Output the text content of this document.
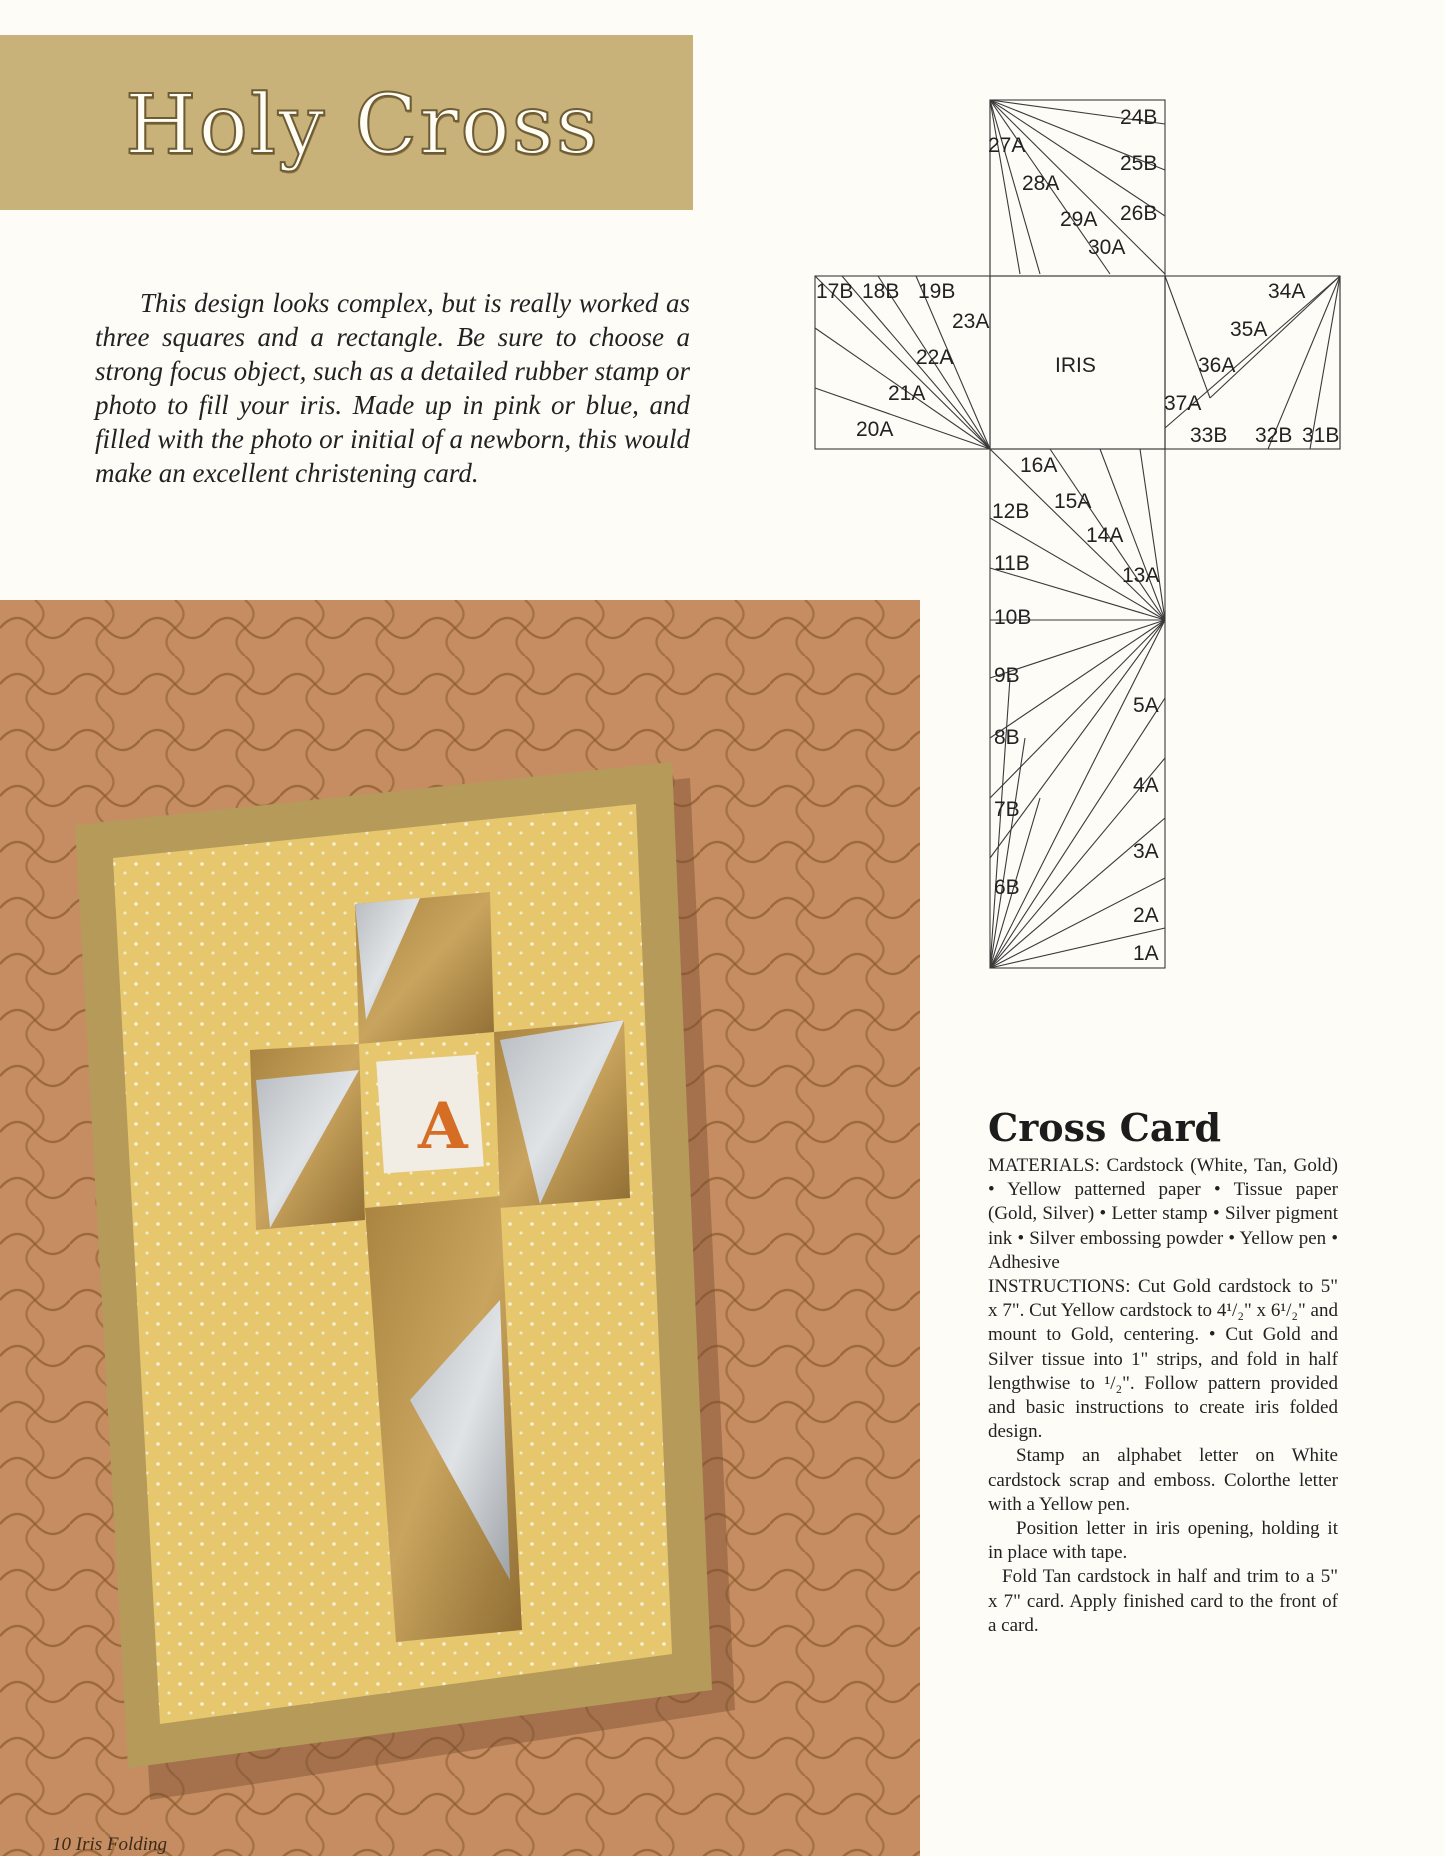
Holy Cross

This design looks complex, but is really worked as three squares and a rectangle. Be sure to choose a strong focus object, such as a detailed rubber stamp or photo to fill your iris. Made up in pink or blue, and filled with the photo or initial of a newborn, this would make an excellent christening card.

24B
27A
25B
28A
26B
29A
30A
17B 18B 19B
23A
22A
21A
20A
IRIS
34A
35A
36A
37A
33B 32B 31B
16A
15A
12B
14A
13A
11B
10B
9B
5A
8B
4A
7B
3A
6B
2A
1A
A
10 Iris Folding
Cross Card

MATERIALS: Cardstock (White, Tan, Gold) • Yellow patterned paper • Tissue paper (Gold, Silver) • Letter stamp • Silver pigment ink • Silver embossing powder • Yellow pen • Adhesive

INSTRUCTIONS: Cut Gold cardstock to 5" x 7". Cut Yellow cardstock to 4¹/₂" x 6¹/₂" and mount to Gold, centering. • Cut Gold and Silver tissue into 1" strips, and fold in half lengthwise to ¹/₂". Follow pattern provided and basic instructions to create iris folded design.

Stamp an alphabet letter on White cardstock scrap and emboss. Colorthe letter with a Yellow pen.

Position letter in iris opening, holding it in place with tape.

Fold Tan cardstock in half and trim to a 5" x 7" card. Apply finished card to the front of a card.
